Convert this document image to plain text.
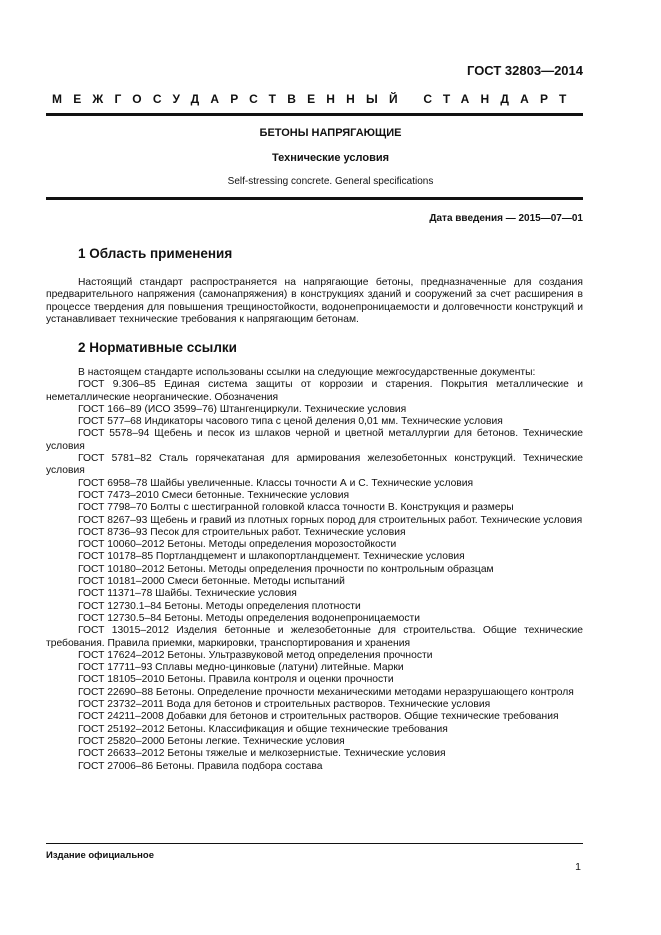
ГОСТ 32803—2014
МЕЖГОСУДАРСТВЕННЫЙ СТАНДАРТ
БЕТОНЫ НАПРЯГАЮЩИЕ
Технические условия
Self-stressing concrete. General specifications
Дата введения — 2015—07—01
1 Область применения
Настоящий стандарт распространяется на напрягающие бетоны, предназначенные для создания предварительного напряжения (самонапряжения) в конструкциях зданий и сооружений за счет расширения в процессе твердения для повышения трещиностойкости, водонепроницаемости и долговечности конструкций и устанавливает технические требования к напрягающим бетонам.
2 Нормативные ссылки

В настоящем стандарте использованы ссылки на следующие межгосударственные документы:

ГОСТ 9.306–85 Единая система защиты от коррозии и старения. Покрытия металлические и неметаллические неорганические. Обозначения

ГОСТ 166–89 (ИСО 3599–76) Штангенциркули. Технические условия

ГОСТ 577–68 Индикаторы часового типа с ценой деления 0,01 мм. Технические условия

ГОСТ 5578–94 Щебень и песок из шлаков черной и цветной металлургии для бетонов. Технические условия

ГОСТ 5781–82 Сталь горячекатаная для армирования железобетонных конструкций. Технические условия

ГОСТ 6958–78 Шайбы увеличенные. Классы точности А и С. Технические условия

ГОСТ 7473–2010 Смеси бетонные. Технические условия

ГОСТ 7798–70 Болты с шестигранной головкой класса точности В. Конструкция и размеры

ГОСТ 8267–93 Щебень и гравий из плотных горных пород для строительных работ. Технические условия

ГОСТ 8736–93 Песок для строительных работ. Технические условия

ГОСТ 10060–2012 Бетоны. Методы определения морозостойкости

ГОСТ 10178–85 Портландцемент и шлакопортландцемент. Технические условия

ГОСТ 10180–2012 Бетоны. Методы определения прочности по контрольным образцам

ГОСТ 10181–2000 Смеси бетонные. Методы испытаний

ГОСТ 11371–78 Шайбы. Технические условия

ГОСТ 12730.1–84 Бетоны. Методы определения плотности

ГОСТ 12730.5–84 Бетоны. Методы определения водонепроницаемости

ГОСТ 13015–2012 Изделия бетонные и железобетонные для строительства. Общие технические требования. Правила приемки, маркировки, транспортирования и хранения

ГОСТ 17624–2012 Бетоны. Ультразвуковой метод определения прочности

ГОСТ 17711–93 Сплавы медно-цинковые (латуни) литейные. Марки

ГОСТ 18105–2010 Бетоны. Правила контроля и оценки прочности

ГОСТ 22690–88 Бетоны. Определение прочности механическими методами неразрушающего контроля

ГОСТ 23732–2011 Вода для бетонов и строительных растворов. Технические условия

ГОСТ 24211–2008 Добавки для бетонов и строительных растворов. Общие технические требования

ГОСТ 25192–2012 Бетоны. Классификация и общие технические требования

ГОСТ 25820–2000 Бетоны легкие. Технические условия

ГОСТ 26633–2012 Бетоны тяжелые и мелкозернистые. Технические условия

ГОСТ 27006–86 Бетоны. Правила подбора состава

Издание официальное
1
